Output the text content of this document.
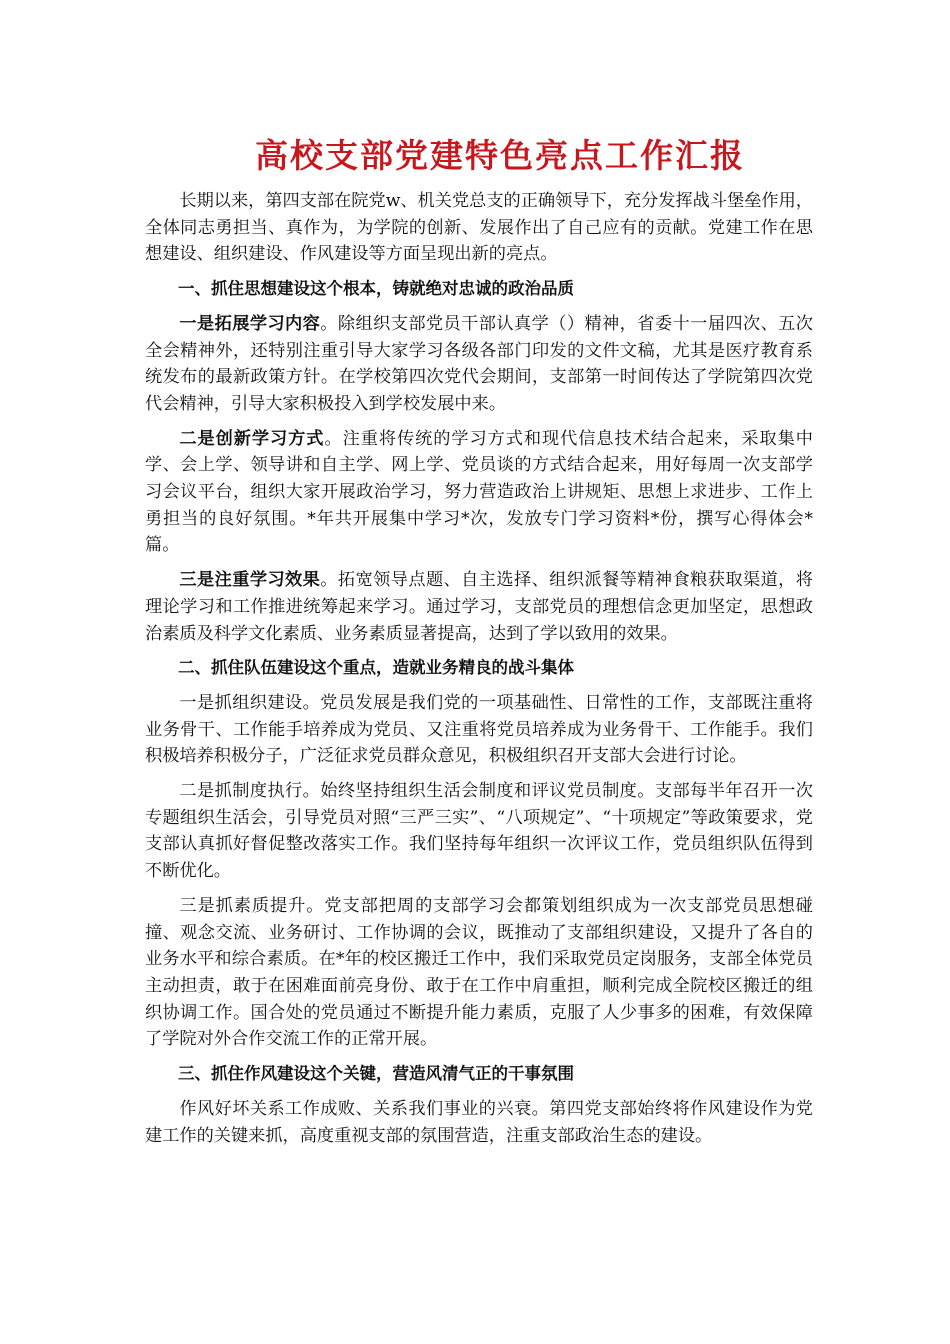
高校支部党建特色亮点工作汇报

长期以来，第四支部在院党w、机关党总支的正确领导下，充分发挥战斗堡垒作用，全体同志勇担当、真作为，为学院的创新、发展作出了自己应有的贡献。党建工作在思想建设、组织建设、作风建设等方面呈现出新的亮点。

一、抓住思想建设这个根本，铸就绝对忠诚的政治品质

一是拓展学习内容。除组织支部党员干部认真学（）精神，省委十一届四次、五次全会精神外，还特别注重引导大家学习各级各部门印发的文件文稿，尤其是医疗教育系统发布的最新政策方针。在学校第四次党代会期间，支部第一时间传达了学院第四次党代会精神，引导大家积极投入到学校发展中来。

二是创新学习方式。注重将传统的学习方式和现代信息技术结合起来，采取集中学、会上学、领导讲和自主学、网上学、党员谈的方式结合起来，用好每周一次支部学习会议平台，组织大家开展政治学习，努力营造政治上讲规矩、思想上求进步、工作上勇担当的良好氛围。*年共开展集中学习*次，发放专门学习资料*份，撰写心得体会*篇。

三是注重学习效果。拓宽领导点题、自主选择、组织派餐等精神食粮获取渠道，将理论学习和工作推进统筹起来学习。通过学习，支部党员的理想信念更加坚定，思想政治素质及科学文化素质、业务素质显著提高，达到了学以致用的效果。

二、抓住队伍建设这个重点，造就业务精良的战斗集体

一是抓组织建设。党员发展是我们党的一项基础性、日常性的工作，支部既注重将业务骨干、工作能手培养成为党员、又注重将党员培养成为业务骨干、工作能手。我们积极培养积极分子，广泛征求党员群众意见，积极组织召开支部大会进行讨论。

二是抓制度执行。始终坚持组织生活会制度和评议党员制度。支部每半年召开一次专题组织生活会，引导党员对照“三严三实”、“八项规定”、“十项规定”等政策要求，党支部认真抓好督促整改落实工作。我们坚持每年组织一次评议工作，党员组织队伍得到不断优化。

三是抓素质提升。党支部把周的支部学习会都策划组织成为一次支部党员思想碰撞、观念交流、业务研讨、工作协调的会议，既推动了支部组织建设，又提升了各自的业务水平和综合素质。在*年的校区搬迁工作中，我们采取党员定岗服务，支部全体党员主动担责，敢于在困难面前亮身份、敢于在工作中肩重担，顺利完成全院校区搬迁的组织协调工作。国合处的党员通过不断提升能力素质，克服了人少事多的困难，有效保障了学院对外合作交流工作的正常开展。

三、抓住作风建设这个关键，营造风清气正的干事氛围

作风好坏关系工作成败、关系我们事业的兴衰。第四党支部始终将作风建设作为党建工作的关键来抓，高度重视支部的氛围营造，注重支部政治生态的建设。
